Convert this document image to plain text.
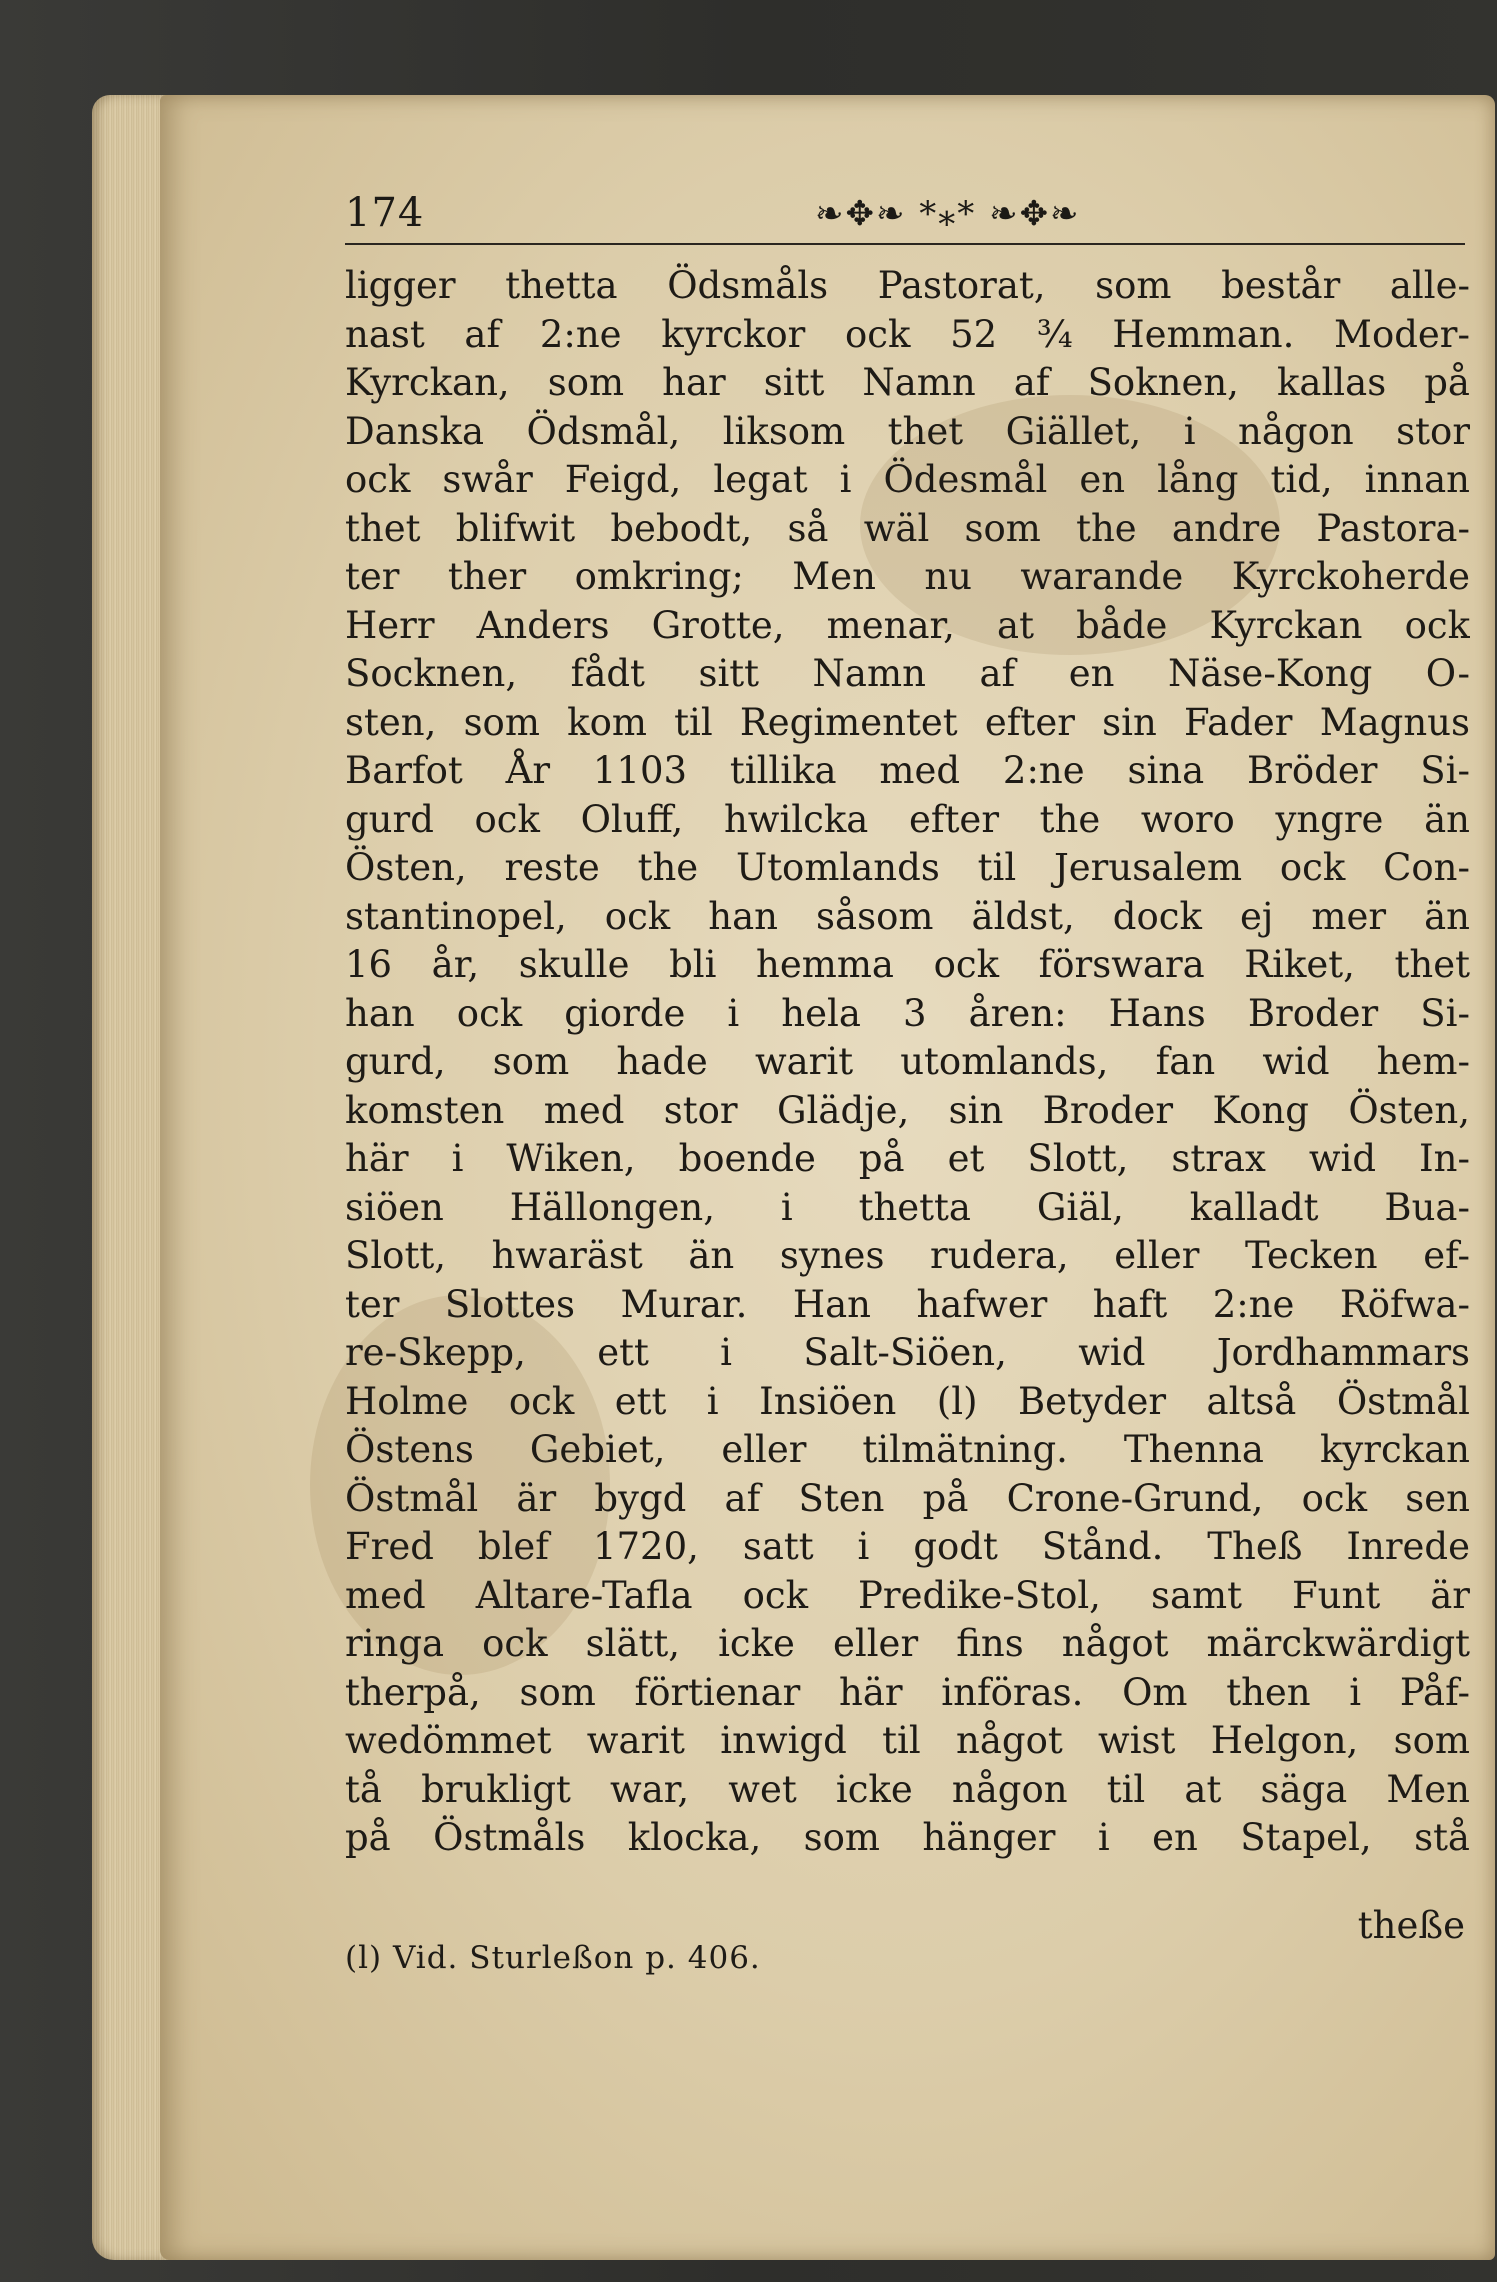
174	❧✥❧ *⁎* ❧✥❧
ligger thetta Ödsmåls Pastorat, som består alle-
nast af 2:ne kyrckor ock 52 ¾ Hemman. Moder-
Kyrckan, som har sitt Namn af Soknen, kallas på
Danska Ödsmål, liksom thet Giället, i någon stor
ock swår Feigd, legat i Ödesmål en lång tid, innan
thet blifwit bebodt, så wäl som the andre Pastora-
ter ther omkring; Men nu warande Kyrckoherde
Herr Anders Grotte, menar, at både Kyrckan ock
Socknen, fådt sitt Namn af en Näse-Kong O-
sten, som kom til Regimentet efter sin Fader Magnus
Barfot År 1103 tillika med 2:ne sina Bröder Si-
gurd ock Oluff, hwilcka efter the woro yngre än
Östen, reste the Utomlands til Jerusalem ock Con-
stantinopel, ock han såsom äldst, dock ej mer än
16 år, skulle bli hemma ock förswara Riket, thet
han ock giorde i hela 3 åren: Hans Broder Si-
gurd, som hade warit utomlands, fan wid hem-
komsten med stor Glädje, sin Broder Kong Östen,
här i Wiken, boende på et Slott, strax wid In-
siöen Hällongen, i thetta Giäl, kalladt Bua-
Slott, hwaräst än synes rudera, eller Tecken ef-
ter Slottes Murar. Han hafwer haft 2:ne Röfwa-
re-Skepp, ett i Salt-Siöen, wid Jordhammars
Holme ock ett i Insiöen (l) Betyder altså Östmål
Östens Gebiet, eller tilmätning. Thenna kyrckan
Östmål är bygd af Sten på Crone-Grund, ock sen
Fred blef 1720, satt i godt Stånd. Theß Inrede
med Altare-Tafla ock Predike-Stol, samt Funt är
ringa ock slätt, icke eller fins något märckwärdigt
therpå, som förtienar här införas. Om then i Påf-
wedömmet warit inwigd til något wist Helgon, som
tå brukligt war, wet icke någon til at säga Men
på Östmåls klocka, som hänger i en Stapel, stå
theße
(l) Vid. Sturleßon p. 406.
